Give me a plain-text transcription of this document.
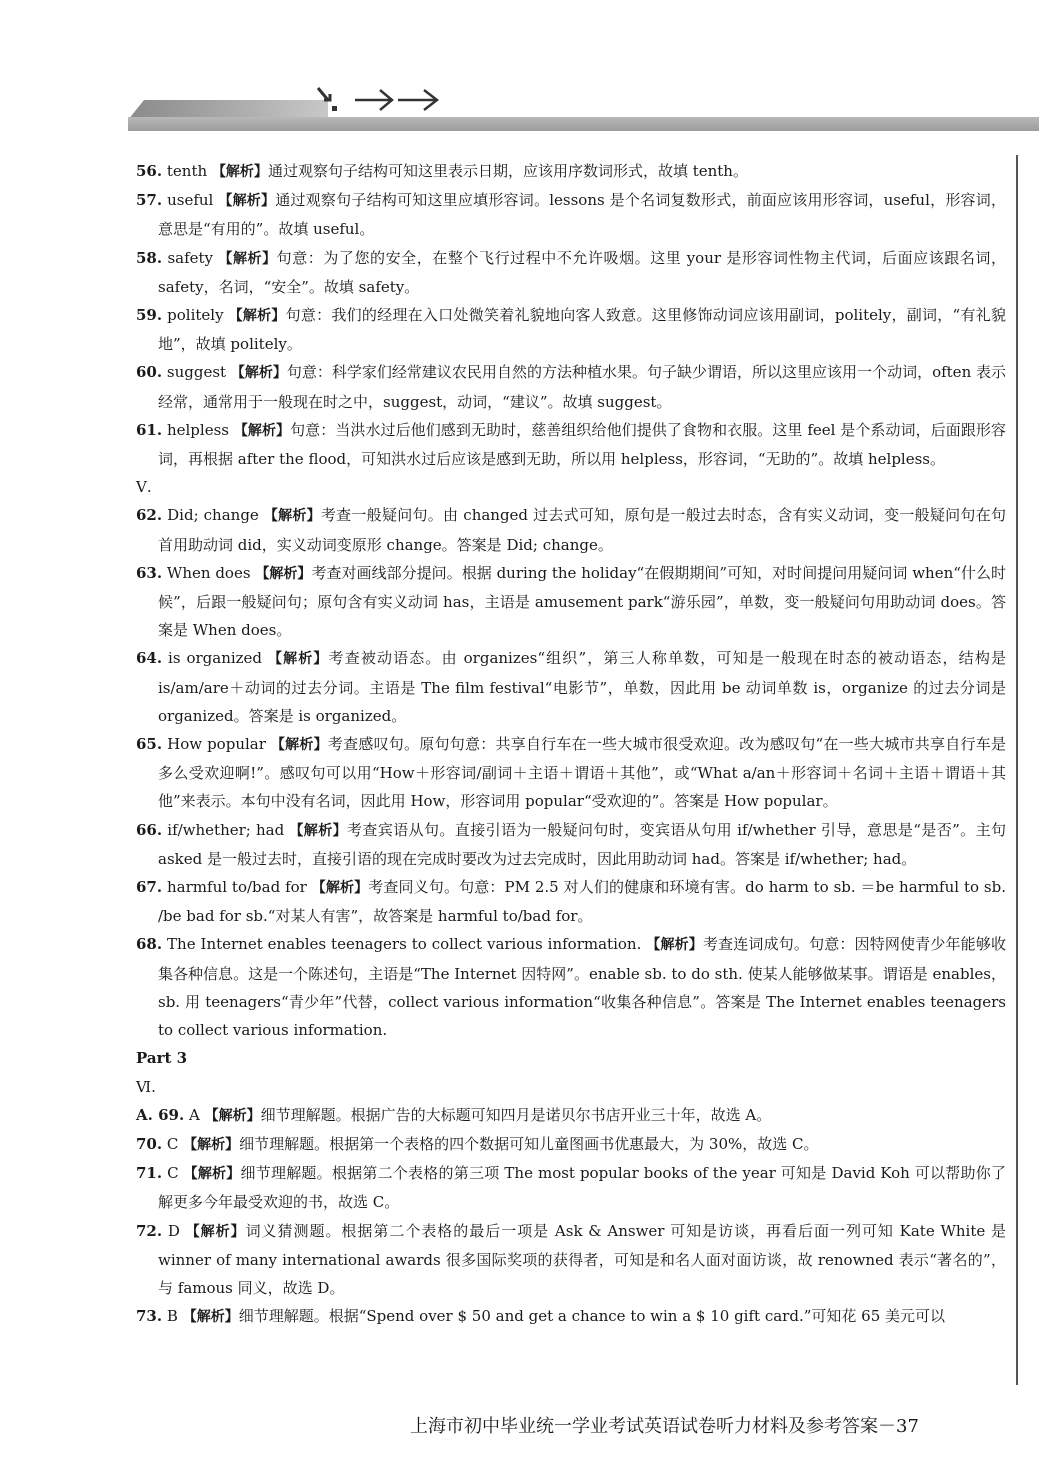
56. tenth 【解析】通过观察句子结构可知这里表示日期，应该用序数词形式，故填 tenth。
57. useful 【解析】通过观察句子结构可知这里应填形容词。lessons 是个名词复数形式，前面应该用形容词，useful，形容词，意思是“有用的”。故填 useful。
58. safety 【解析】句意：为了您的安全，在整个飞行过程中不允许吸烟。这里 your 是形容词性物主代词，后面应该跟名词，safety，名词，“安全”。故填 safety。
59. politely 【解析】句意：我们的经理在入口处微笑着礼貌地向客人致意。这里修饰动词应该用副词，politely，副词，“有礼貌地”，故填 politely。
60. suggest 【解析】句意：科学家们经常建议农民用自然的方法种植水果。句子缺少谓语，所以这里应该用一个动词，often 表示经常，通常用于一般现在时之中，suggest，动词，“建议”。故填 suggest。
61. helpless 【解析】句意：当洪水过后他们感到无助时，慈善组织给他们提供了食物和衣服。这里 feel 是个系动词，后面跟形容词，再根据 after the flood，可知洪水过后应该是感到无助，所以用 helpless，形容词，“无助的”。故填 helpless。
Ⅴ.
62. Did; change 【解析】考查一般疑问句。由 changed 过去式可知，原句是一般过去时态，含有实义动词，变一般疑问句在句首用助动词 did，实义动词变原形 change。答案是 Did; change。
63. When does 【解析】考查对画线部分提问。根据 during the holiday“在假期期间”可知，对时间提问用疑问词 when“什么时候”，后跟一般疑问句；原句含有实义动词 has，主语是 amusement park“游乐园”，单数，变一般疑问句用助动词 does。答案是 When does。
64. is organized 【解析】考查被动语态。由 organizes“组织”，第三人称单数，可知是一般现在时态的被动语态，结构是 is/am/are＋动词的过去分词。主语是 The film festival“电影节”，单数，因此用 be 动词单数 is，organize 的过去分词是 organized。答案是 is organized。
65. How popular 【解析】考查感叹句。原句句意：共享自行车在一些大城市很受欢迎。改为感叹句“在一些大城市共享自行车是多么受欢迎啊!”。感叹句可以用“How＋形容词/副词＋主语＋谓语＋其他”，或“What a/an＋形容词＋名词＋主语＋谓语＋其他”来表示。本句中没有名词，因此用 How，形容词用 popular“受欢迎的”。答案是 How popular。
66. if/whether; had 【解析】考查宾语从句。直接引语为一般疑问句时，变宾语从句用 if/whether 引导，意思是“是否”。主句 asked 是一般过去时，直接引语的现在完成时要改为过去完成时，因此用助动词 had。答案是 if/whether; had。
67. harmful to/bad for 【解析】考查同义句。句意：PM 2.5 对人们的健康和环境有害。do harm to sb. ＝be harmful to sb. /be bad for sb.“对某人有害”，故答案是 harmful to/bad for。
68. The Internet enables teenagers to collect various information. 【解析】考查连词成句。句意：因特网使青少年能够收集各种信息。这是一个陈述句，主语是“The Internet 因特网”。enable sb. to do sth. 使某人能够做某事。谓语是 enables，sb. 用 teenagers“青少年”代替，collect various information“收集各种信息”。答案是 The Internet enables teenagers to collect various information.
Part 3
Ⅵ.
A. 69. A 【解析】细节理解题。根据广告的大标题可知四月是诺贝尔书店开业三十年，故选 A。
70. C 【解析】细节理解题。根据第一个表格的四个数据可知儿童图画书优惠最大，为 30%，故选 C。
71. C 【解析】细节理解题。根据第二个表格的第三项 The most popular books of the year 可知是 David Koh 可以帮助你了解更多今年最受欢迎的书，故选 C。
72. D 【解析】词义猜测题。根据第二个表格的最后一项是 Ask & Answer 可知是访谈，再看后面一列可知 Kate White 是 winner of many international awards 很多国际奖项的获得者，可知是和名人面对面访谈，故 renowned 表示“著名的”，与 famous 同义，故选 D。
73. B 【解析】细节理解题。根据“Spend over $ 50 and get a chance to win a $ 10 gift card.”可知花 65 美元可以
上海市初中毕业统一学业考试英语试卷听力材料及参考答案－37
